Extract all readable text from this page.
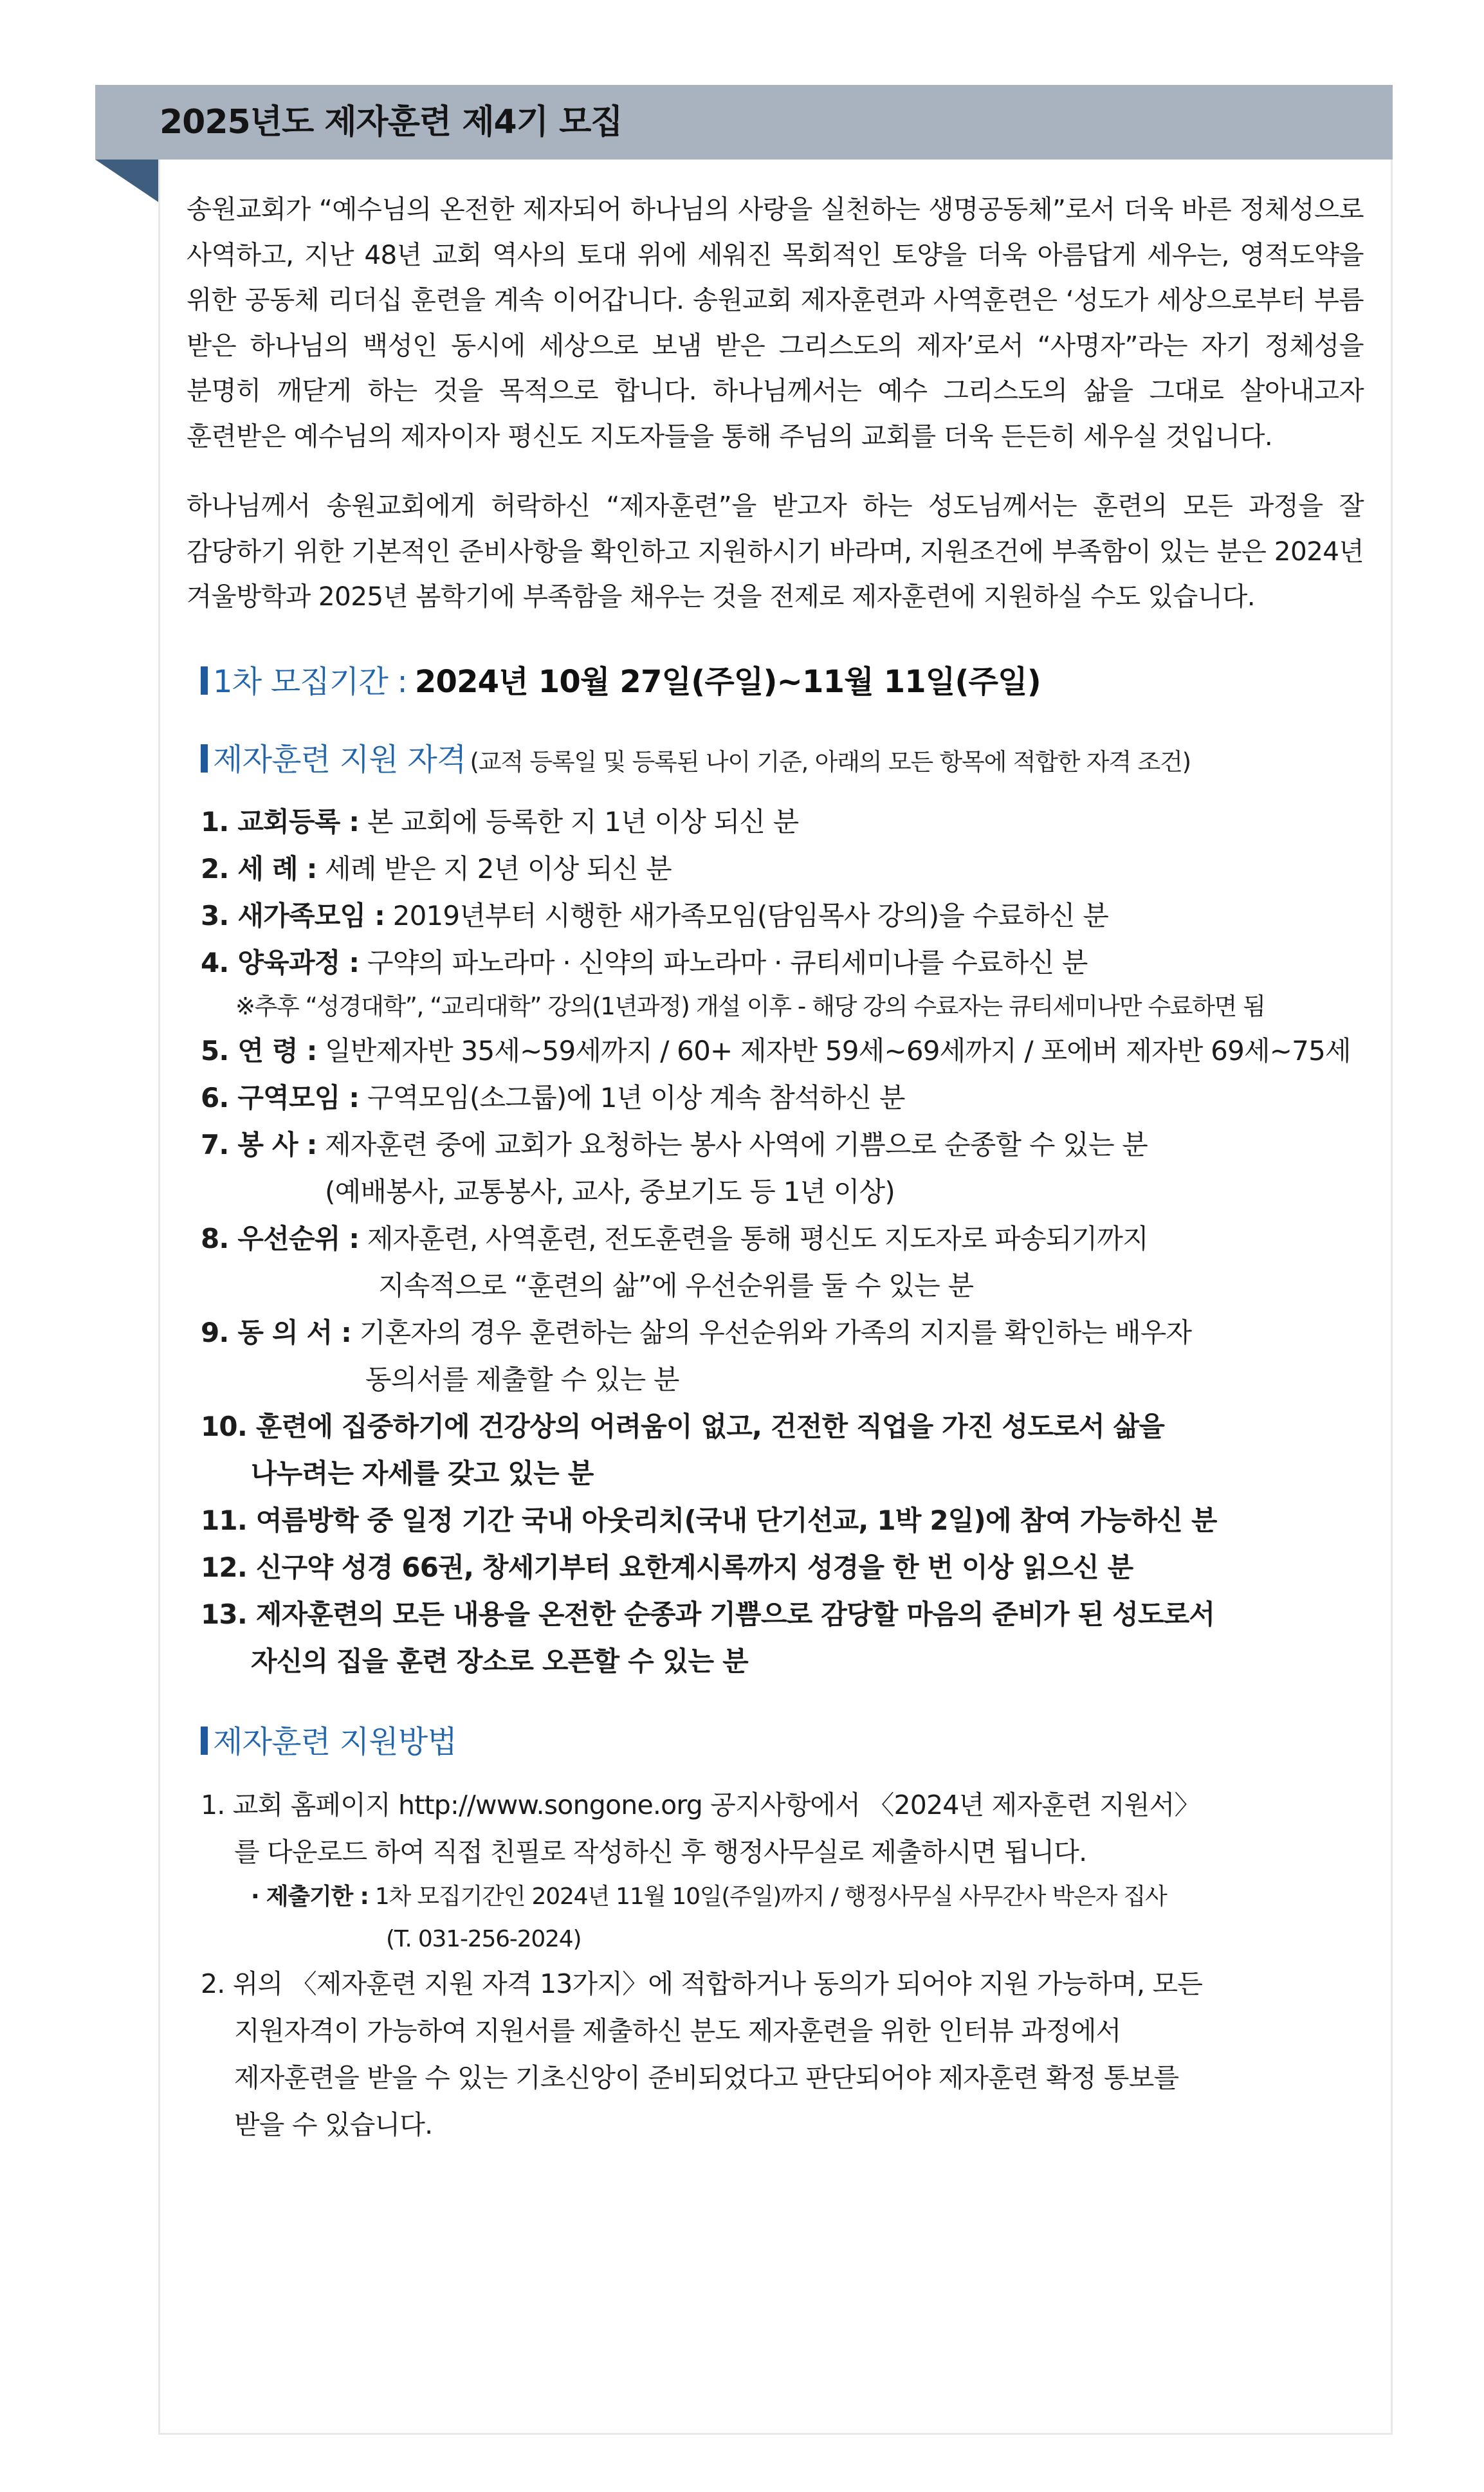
2025년도 제자훈련 제4기 모집

송원교회가 “예수님의 온전한 제자되어 하나님의 사랑을 실천하는 생명공동체”로서 더욱 바른 정체성으로 사역하고, 지난 48년 교회 역사의 토대 위에 세워진 목회적인 토양을 더욱 아름답게 세우는, 영적도약을 위한 공동체 리더십 훈련을 계속 이어갑니다. 송원교회 제자훈련과 사역훈련은 ‘성도가 세상으로부터 부름 받은 하나님의 백성인 동시에 세상으로 보냄 받은 그리스도의 제자’로서 “사명자”라는 자기 정체성을 분명히 깨닫게 하는 것을 목적으로 합니다. 하나님께서는 예수 그리스도의 삶을 그대로 살아내고자 훈련받은 예수님의 제자이자 평신도 지도자들을 통해 주님의 교회를 더욱 든든히 세우실 것입니다.

하나님께서 송원교회에게 허락하신 “제자훈련”을 받고자 하는 성도님께서는 훈련의 모든 과정을 잘 감당하기 위한 기본적인 준비사항을 확인하고 지원하시기 바라며, 지원조건에 부족함이 있는 분은 2024년 겨울방학과 2025년 봄학기에 부족함을 채우는 것을 전제로 제자훈련에 지원하실 수도 있습니다.

1차 모집기간 : 2024년 10월 27일(주일)~11월 11일(주일)
제자훈련 지원 자격 (교적 등록일 및 등록된 나이 기준, 아래의 모든 항목에 적합한 자격 조건)
1. 교회등록 : 본 교회에 등록한 지 1년 이상 되신 분
2. 세 례 : 세례 받은 지 2년 이상 되신 분
3. 새가족모임 : 2019년부터 시행한 새가족모임(담임목사 강의)을 수료하신 분
4. 양육과정 : 구약의 파노라마 · 신약의 파노라마 · 큐티세미나를 수료하신 분
※추후 “성경대학”, “교리대학” 강의(1년과정) 개설 이후 - 해당 강의 수료자는 큐티세미나만 수료하면 됨
5. 연 령 : 일반제자반 35세~59세까지 / 60+ 제자반 59세~69세까지 / 포에버 제자반 69세~75세
6. 구역모임 : 구역모임(소그룹)에 1년 이상 계속 참석하신 분
7. 봉 사 : 제자훈련 중에 교회가 요청하는 봉사 사역에 기쁨으로 순종할 수 있는 분
(예배봉사, 교통봉사, 교사, 중보기도 등 1년 이상)
8. 우선순위 : 제자훈련, 사역훈련, 전도훈련을 통해 평신도 지도자로 파송되기까지
지속적으로 “훈련의 삶”에 우선순위를 둘 수 있는 분
9. 동 의 서 : 기혼자의 경우 훈련하는 삶의 우선순위와 가족의 지지를 확인하는 배우자
동의서를 제출할 수 있는 분
10. 훈련에 집중하기에 건강상의 어려움이 없고, 건전한 직업을 가진 성도로서 삶을
나누려는 자세를 갖고 있는 분
11. 여름방학 중 일정 기간 국내 아웃리치(국내 단기선교, 1박 2일)에 참여 가능하신 분
12. 신구약 성경 66권, 창세기부터 요한계시록까지 성경을 한 번 이상 읽으신 분
13. 제자훈련의 모든 내용을 온전한 순종과 기쁨으로 감당할 마음의 준비가 된 성도로서
자신의 집을 훈련 장소로 오픈할 수 있는 분
제자훈련 지원방법
1. 교회 홈페이지 http://www.songone.org 공지사항에서 〈2024년 제자훈련 지원서〉
를 다운로드 하여 직접 친필로 작성하신 후 행정사무실로 제출하시면 됩니다.
· 제출기한 : 1차 모집기간인 2024년 11월 10일(주일)까지 / 행정사무실 사무간사 박은자 집사
(T. 031-256-2024)
2. 위의 〈제자훈련 지원 자격 13가지〉에 적합하거나 동의가 되어야 지원 가능하며, 모든
지원자격이 가능하여 지원서를 제출하신 분도 제자훈련을 위한 인터뷰 과정에서
제자훈련을 받을 수 있는 기초신앙이 준비되었다고 판단되어야 제자훈련 확정 통보를
받을 수 있습니다.
